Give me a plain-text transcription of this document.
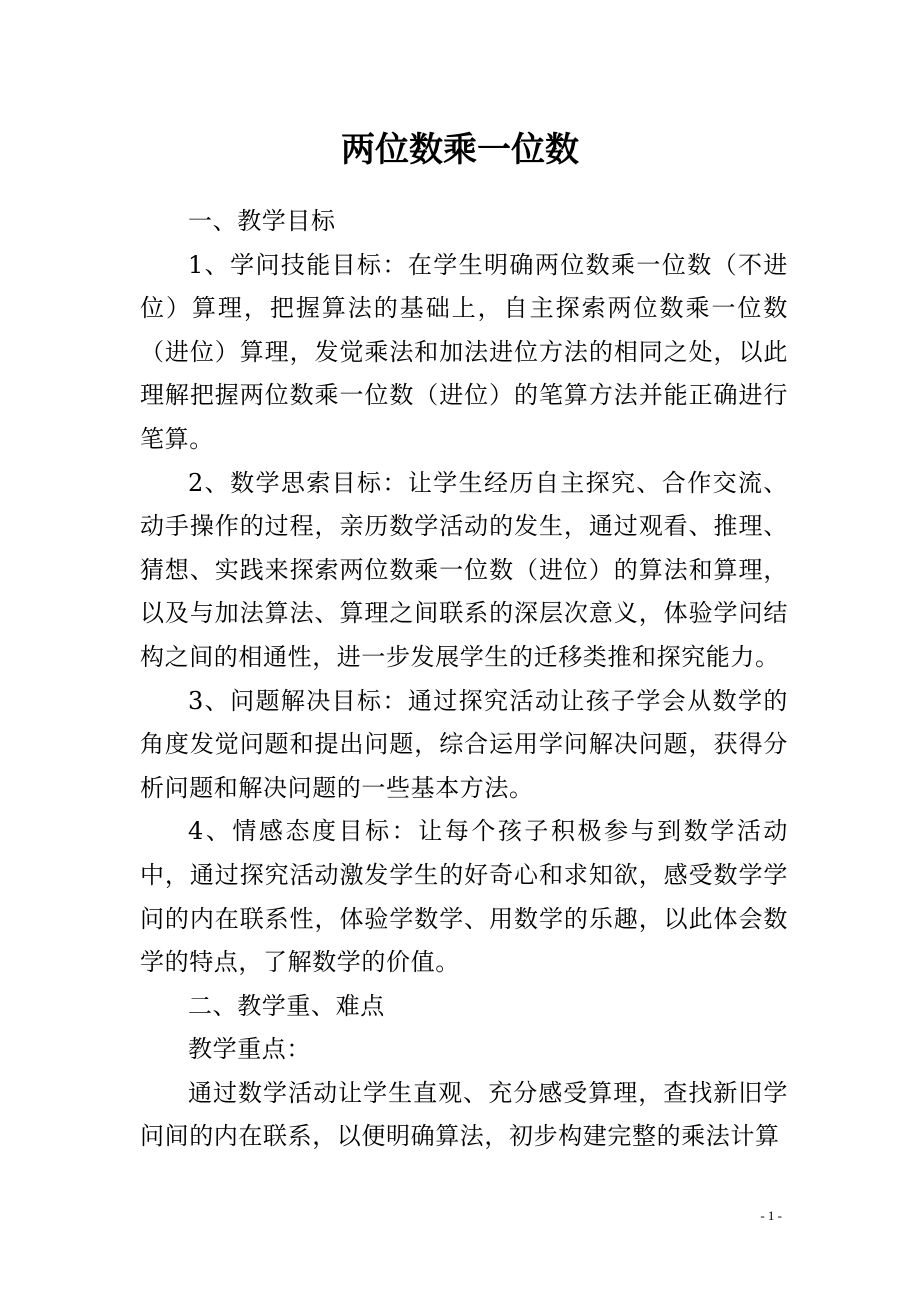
两位数乘一位数

一、教学目标

1、学问技能目标：在学生明确两位数乘一位数（不进位）算理，把握算法的基础上，自主探索两位数乘一位数（进位）算理，发觉乘法和加法进位方法的相同之处，以此理解把握两位数乘一位数（进位）的笔算方法并能正确进行笔算。

2、数学思索目标：让学生经历自主探究、合作交流、动手操作的过程，亲历数学活动的发生，通过观看、推理、猜想、实践来探索两位数乘一位数（进位）的算法和算理，以及与加法算法、算理之间联系的深层次意义，体验学问结构之间的相通性，进一步发展学生的迁移类推和探究能力。

3、问题解决目标：通过探究活动让孩子学会从数学的角度发觉问题和提出问题，综合运用学问解决问题，获得分析问题和解决问题的一些基本方法。

4、情感态度目标：让每个孩子积极参与到数学活动中，通过探究活动激发学生的好奇心和求知欲，感受数学学问的内在联系性，体验学数学、用数学的乐趣，以此体会数学的特点，了解数学的价值。

二、教学重、难点

教学重点：

通过数学活动让学生直观、充分感受算理，查找新旧学问间的内在联系，以便明确算法，初步构建完整的乘法计算

- 1 -
